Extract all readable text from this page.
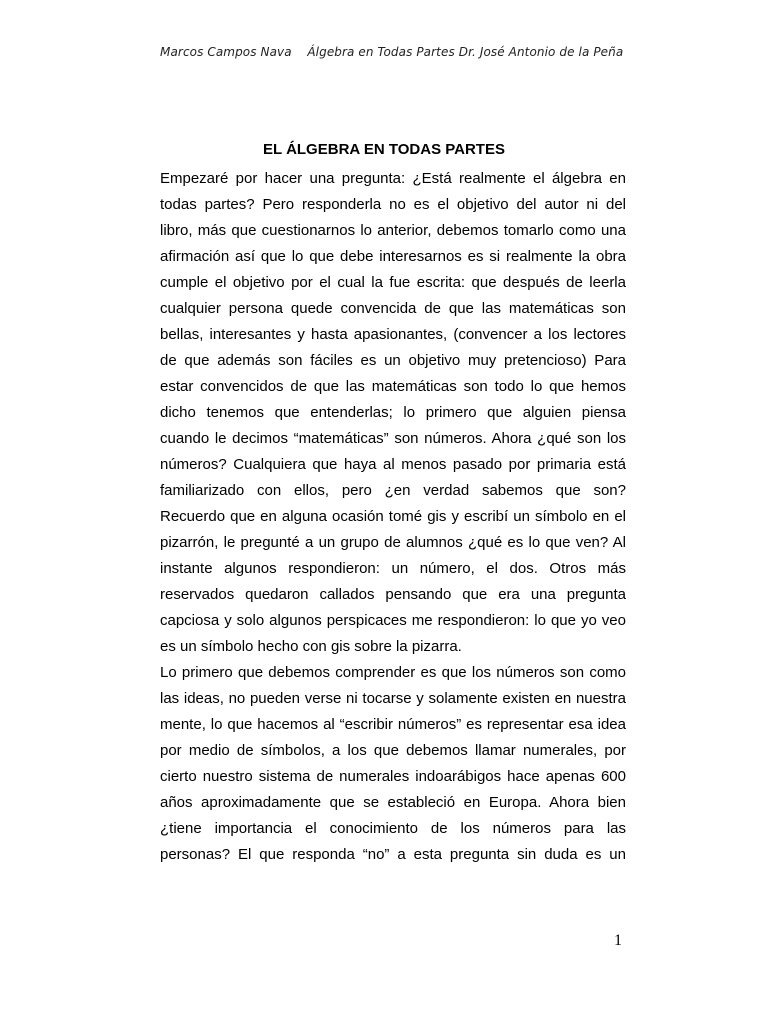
Marcos Campos Nava Álgebra en Todas Partes Dr. José Antonio de la Peña
EL ÁLGEBRA EN TODAS PARTES
Empezaré por hacer una pregunta: ¿Está realmente el álgebra en
todas partes? Pero responderla no es el objetivo del autor ni del
libro, más que cuestionarnos lo anterior, debemos tomarlo como una
afirmación así que lo que debe interesarnos es si realmente la obra
cumple el objetivo por el cual la fue escrita: que después de leerla
cualquier persona quede convencida de que las matemáticas son
bellas, interesantes y hasta apasionantes, (convencer a los lectores
de que además son fáciles es un objetivo muy pretencioso) Para
estar convencidos de que las matemáticas son todo lo que hemos
dicho tenemos que entenderlas; lo primero que alguien piensa
cuando le decimos “matemáticas” son números. Ahora ¿qué son los
números? Cualquiera que haya al menos pasado por primaria está
familiarizado con ellos, pero ¿en verdad sabemos que son?
Recuerdo que en alguna ocasión tomé gis y escribí un símbolo en el
pizarrón, le pregunté a un grupo de alumnos ¿qué es lo que ven? Al
instante algunos respondieron: un número, el dos. Otros más
reservados quedaron callados pensando que era una pregunta
capciosa y solo algunos perspicaces me respondieron: lo que yo veo
es un símbolo hecho con gis sobre la pizarra.
Lo primero que debemos comprender es que los números son como
las ideas, no pueden verse ni tocarse y solamente existen en nuestra
mente, lo que hacemos al “escribir números” es representar esa idea
por medio de símbolos, a los que debemos llamar numerales, por
cierto nuestro sistema de numerales indoarábigos hace apenas 600
años aproximadamente que se estableció en Europa. Ahora bien
¿tiene importancia el conocimiento de los números para las
personas? El que responda “no” a esta pregunta sin duda es un
1
